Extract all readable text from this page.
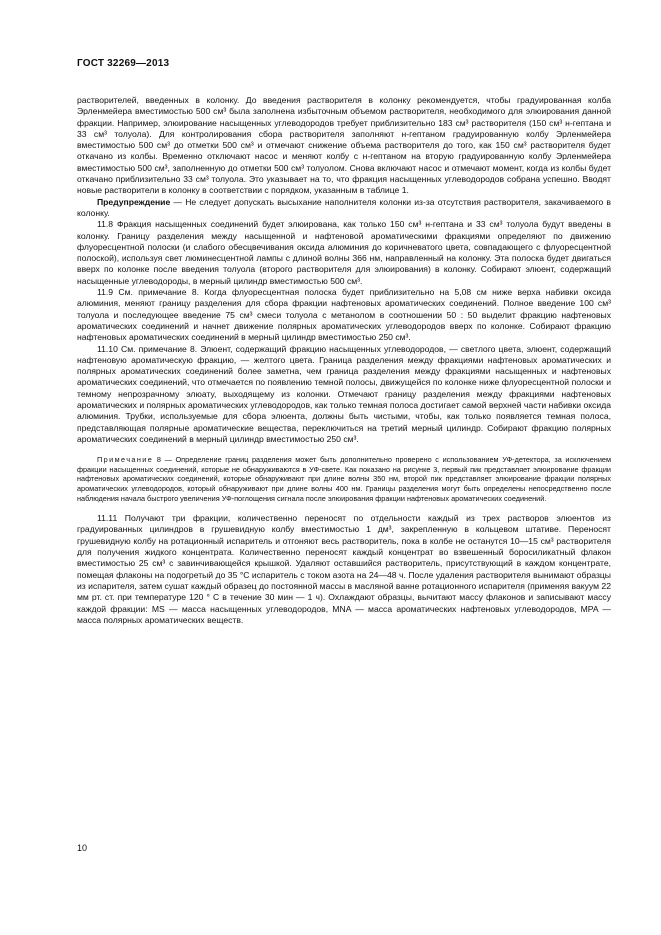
ГОСТ 32269—2013

растворителей, введенных в колонку. До введения растворителя в колонку рекомендуется, чтобы градуированная колба Эрленмейера вместимостью 500 см³ была заполнена избыточным объемом растворителя, необходимого для элюирования данной фракции. Например, элюирование насыщенных углеводородов требует приблизительно 183 см³ растворителя (150 см³ н-гептана и 33 см³ толуола). Для контролирования сбора растворителя заполняют н-гептаном градуированную колбу Эрленмейера вместимостью 500 см³ до отметки 500 см³ и отмечают снижение объема растворителя до того, как 150 см³ растворителя будет откачано из колбы. Временно отключают насос и меняют колбу с н-гептаном на вторую градуированную колбу Эрленмейера вместимостью 500 см³, заполненную до отметки 500 см³ толуолом. Снова включают насос и отмечают момент, когда из колбы будет откачано приблизительно 33 см³ толуола. Это указывает на то, что фракция насыщенных углеводородов собрана успешно. Вводят новые растворители в колонку в соответствии с порядком, указанным в таблице 1.

Предупреждение — Не следует допускать высыхание наполнителя колонки из-за отсутствия растворителя, закачиваемого в колонку.

11.8 Фракция насыщенных соединений будет элюирована, как только 150 см³ н-гептана и 33 см³ толуола будут введены в колонку. Границу разделения между насыщенной и нафтеновой ароматическими фракциями определяют по движению флуоресцентной полоски (и слабого обесцвечивания оксида алюминия до коричневатого цвета, совпадающего с флуоресцентной полоской), используя свет люминесцентной лампы с длиной волны 366 нм, направленный на колонку. Эта полоска будет двигаться вверх по колонке после введения толуола (второго растворителя для элюирования) в колонку. Собирают элюент, содержащий насыщенные углеводороды, в мерный цилиндр вместимостью 500 см³.

11.9 См. примечание 8. Когда флуоресцентная полоска будет приблизительно на 5,08 см ниже верха набивки оксида алюминия, меняют границу разделения для сбора фракции нафтеновых ароматических соединений. Полное введение 100 см³ толуола и последующее введение 75 см³ смеси толуола с метанолом в соотношении 50 : 50 выделит фракцию нафтеновых ароматических соединений и начнет движение полярных ароматических углеводородов вверх по колонке. Собирают фракцию нафтеновых ароматических соединений в мерный цилиндр вместимостью 250 см³.

11.10 См. примечание 8. Элюент, содержащий фракцию насыщенных углеводородов, — светлого цвета, элюент, содержащий нафтеновую ароматическую фракцию, — желтого цвета. Граница разделения между фракциями нафтеновых ароматических и полярных ароматических соединений более заметна, чем граница разделения между фракциями насыщенных и нафтеновых ароматических соединений, что отмечается по появлению темной полосы, движущейся по колонке ниже флуоресцентной полоски и темному непрозрачному элюату, выходящему из колонки. Отмечают границу разделения между фракциями нафтеновых ароматических и полярных ароматических углеводородов, как только темная полоса достигает самой верхней части набивки оксида алюминия. Трубки, используемые для сбора элюента, должны быть чистыми, чтобы, как только появляется темная полоса, представляющая полярные ароматические вещества, переключиться на третий мерный цилиндр. Собирают фракцию полярных ароматических соединений в мерный цилиндр вместимостью 250 см³.

Примечание 8 — Определение границ разделения может быть дополнительно проверено с использованием УФ-детектора, за исключением фракции насыщенных соединений, которые не обнаруживаются в УФ-свете. Как показано на рисунке 3, первый пик представляет элюирование фракции нафтеновых ароматических соединений, которые обнаруживают при длине волны 350 нм, второй пик представляет элюирование фракции полярных ароматических углеводородов, который обнаруживают при длине волны 400 нм. Границы разделения могут быть определены непосредственно после наблюдения начала быстрого увеличения УФ-поглощения сигнала после элюирования фракции нафтеновых ароматических соединений.

11.11 Получают три фракции, количественно переносят по отдельности каждый из трех растворов элюентов из градуированных цилиндров в грушевидную колбу вместимостью 1 дм³, закрепленную в кольцевом штативе. Переносят грушевидную колбу на ротационный испаритель и отгоняют весь растворитель, пока в колбе не останутся 10—15 см³ растворителя для получения жидкого концентрата. Количественно переносят каждый концентрат во взвешенный боросиликатный флакон вместимостью 25 см³ с завинчивающейся крышкой. Удаляют оставшийся растворитель, присутствующий в каждом концентрате, помещая флаконы на подогретый до 35 °С испаритель с током азота на 24—48 ч. После удаления растворителя вынимают образцы из испарителя, затем сушат каждый образец до постоянной массы в масляной ванне ротационного испарителя (применяя вакуум 22 мм рт. ст. при температуре 120 ° С в течение 30 мин — 1 ч). Охлаждают образцы, вычитают массу флаконов и записывают массу каждой фракции: MS — масса насыщенных углеводородов, MNA — масса ароматических нафтеновых углеводородов, MPA — масса полярных ароматических веществ.

10
